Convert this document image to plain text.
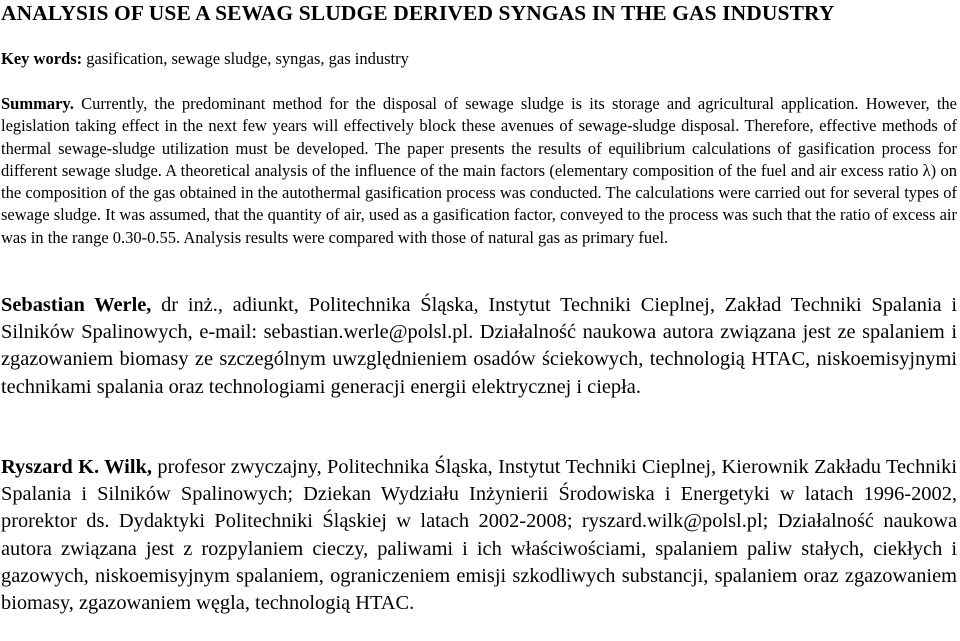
ANALYSIS OF USE A SEWAG SLUDGE DERIVED SYNGAS IN THE GAS INDUSTRY

Key words: gasification, sewage sludge, syngas, gas industry

Summary. Currently, the predominant method for the disposal of sewage sludge is its storage and agricultural application. However, the legislation taking effect in the next few years will effectively block these avenues of sewage-sludge disposal. Therefore, effective methods of thermal sewage-sludge utilization must be developed. The paper presents the results of equilibrium calculations of gasification process for different sewage sludge. A theoretical analysis of the influence of the main factors (elementary composition of the fuel and air excess ratio λ) on the composition of the gas obtained in the autothermal gasification process was conducted. The calculations were carried out for several types of sewage sludge. It was assumed, that the quantity of air, used as a gasification factor, conveyed to the process was such that the ratio of excess air was in the range 0.30-0.55. Analysis results were compared with those of natural gas as primary fuel.

Sebastian Werle, dr inż., adiunkt, Politechnika Śląska, Instytut Techniki Cieplnej, Zakład Techniki Spalania i Silników Spalinowych, e-mail: sebastian.werle@polsl.pl. Działalność naukowa autora związana jest ze spalaniem i zgazowaniem biomasy ze szczególnym uwzględnieniem osadów ściekowych, technologią HTAC, niskoemisyjnymi technikami spalania oraz technologiami generacji energii elektrycznej i ciepła.

Ryszard K. Wilk, profesor zwyczajny, Politechnika Śląska, Instytut Techniki Cieplnej, Kierownik Zakładu Techniki Spalania i Silników Spalinowych; Dziekan Wydziału Inżynierii Środowiska i Energetyki w latach 1996-2002, prorektor ds. Dydaktyki Politechniki Śląskiej w latach 2002-2008; ryszard.wilk@polsl.pl; Działalność naukowa autora związana jest z rozpylaniem cieczy, paliwami i ich właściwościami, spalaniem paliw stałych, ciekłych i gazowych, niskoemisyjnym spalaniem, ograniczeniem emisji szkodliwych substancji, spalaniem oraz zgazowaniem biomasy, zgazowaniem węgla, technologią HTAC.
